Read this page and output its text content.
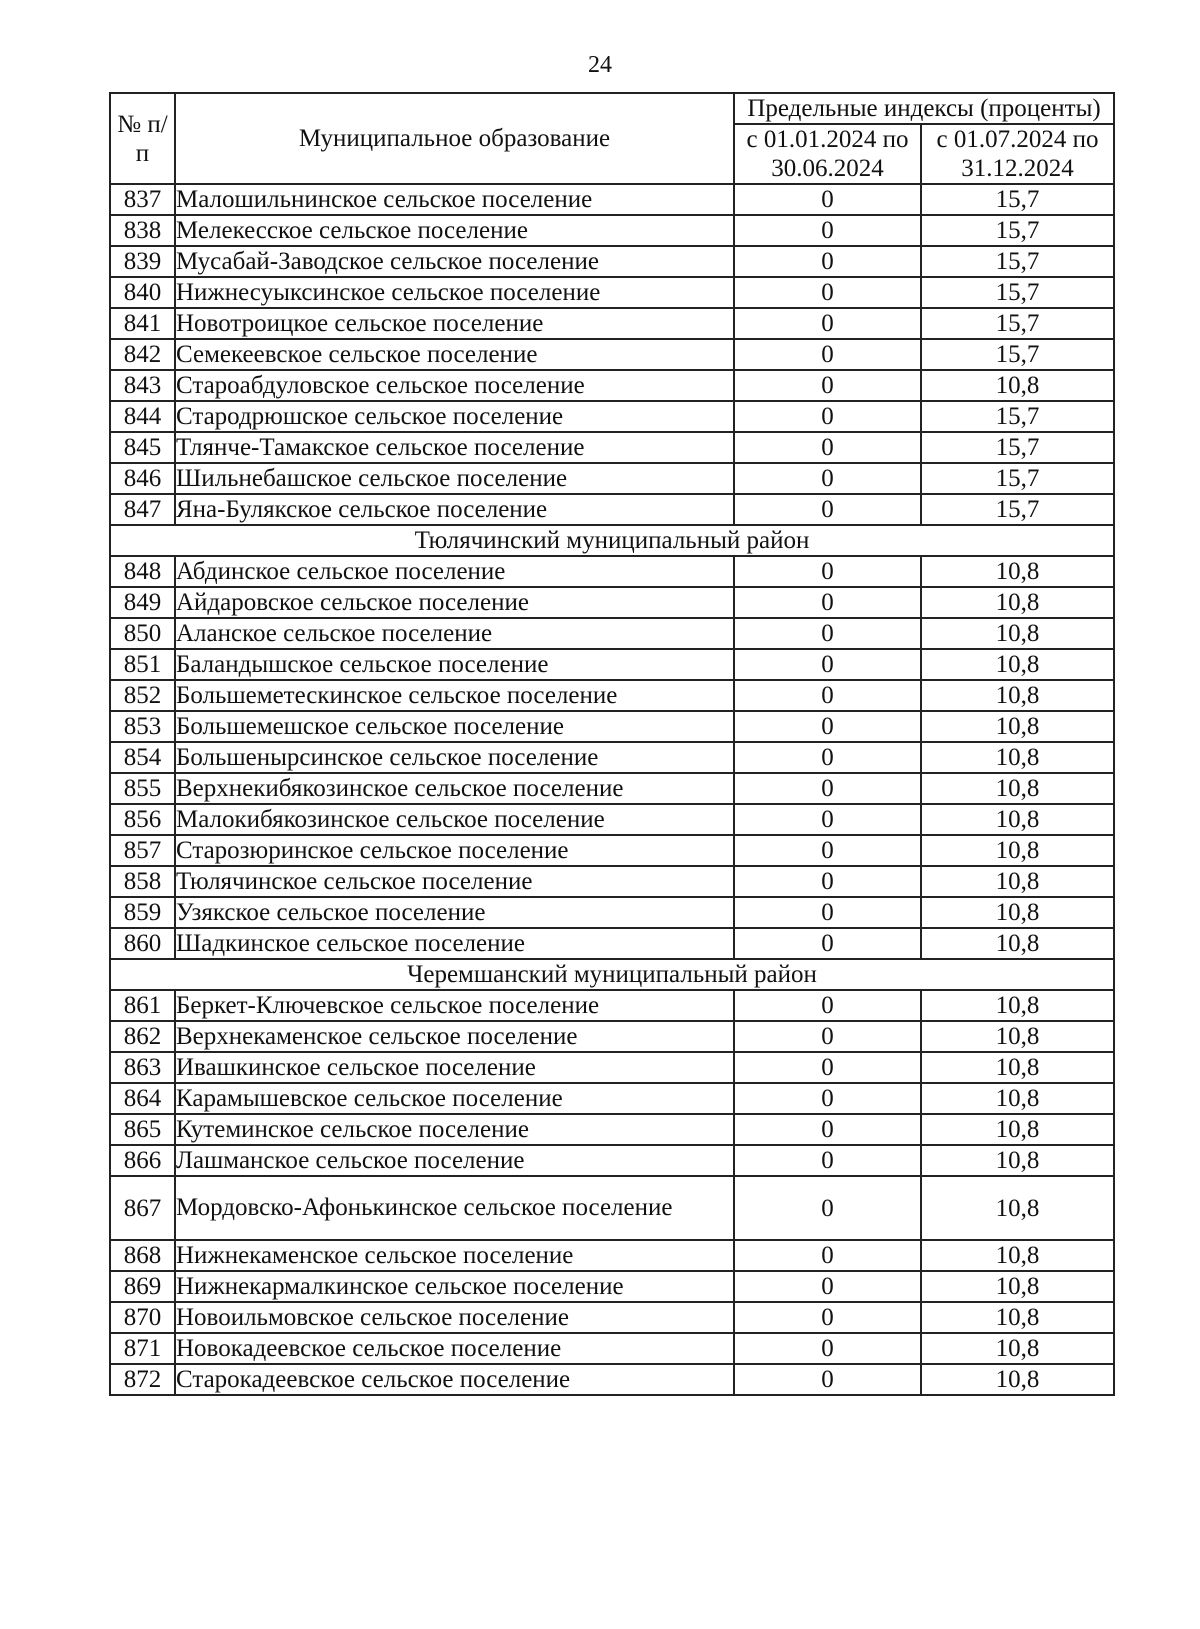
24
№ п/п	Муниципальное образование	Предельные индексы (проценты)	
		с 01.01.2024 по 30.06.2024	с 01.07.2024 по 31.12.2024
837	Малошильнинское сельское поселение	0	15,7
838	Мелекесское сельское поселение	0	15,7
839	Мусабай-Заводское сельское поселение	0	15,7
840	Нижнесуыксинское сельское поселение	0	15,7
841	Новотроицкое сельское поселение	0	15,7
842	Семекеевское сельское поселение	0	15,7
843	Староабдуловское сельское поселение	0	10,8
844	Стародрюшское сельское поселение	0	15,7
845	Тлянче-Тамакское сельское поселение	0	15,7
846	Шильнебашское сельское поселение	0	15,7
847	Яна-Булякское сельское поселение	0	15,7
Тюлячинский муниципальный район			
848	Абдинское сельское поселение	0	10,8
849	Айдаровское сельское поселение	0	10,8
850	Аланское сельское поселение	0	10,8
851	Баландышское сельское поселение	0	10,8
852	Большеметескинское сельское поселение	0	10,8
853	Большемешское сельское поселение	0	10,8
854	Большенырсинское сельское поселение	0	10,8
855	Верхнекибякозинское сельское поселение	0	10,8
856	Малокибякозинское сельское поселение	0	10,8
857	Старозюринское сельское поселение	0	10,8
858	Тюлячинское сельское поселение	0	10,8
859	Узякское сельское поселение	0	10,8
860	Шадкинское сельское поселение	0	10,8
Черемшанский муниципальный район			
861	Беркет-Ключевское сельское поселение	0	10,8
862	Верхнекаменское сельское поселение	0	10,8
863	Ивашкинское сельское поселение	0	10,8
864	Карамышевское сельское поселение	0	10,8
865	Кутеминское сельское поселение	0	10,8
866	Лашманское сельское поселение	0	10,8
867	Мордовско-Афонькинское сельское поселение	0	10,8
868	Нижнекаменское сельское поселение	0	10,8
869	Нижнекармалкинское сельское поселение	0	10,8
870	Новоильмовское сельское поселение	0	10,8
871	Новокадеевское сельское поселение	0	10,8
872	Старокадеевское сельское поселение	0	10,8
